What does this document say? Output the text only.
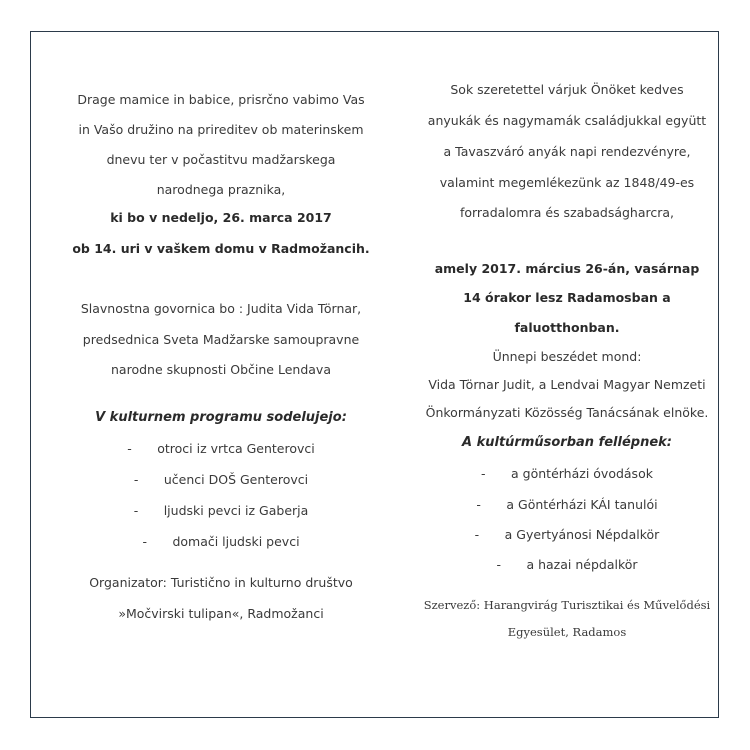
Drage mamice in babice, prisrčno vabimo Vas
in Vašo družino na prireditev ob materinskem
dnevu ter v počastitvu madžarskega
narodnega praznika,
ki bo v nedeljo, 26. marca 2017
ob 14. uri v vaškem domu v Radmožancih.
Slavnostna govornica bo : Judita Vida Törnar,
predsednica Sveta Madžarske samoupravne
narodne skupnosti Občine Lendava
V kulturnem programu sodelujejo:
- otroci iz vrtca Genterovci
- učenci DOŠ Genterovci
- ljudski pevci iz Gaberja
- domači ljudski pevci
Organizator: Turistično in kulturno društvo
»Močvirski tulipan«, Radmožanci
Sok szeretettel várjuk Önöket kedves
anyukák és nagymamák családjukkal együtt
a Tavaszváró anyák napi rendezvényre,
valamint megemlékezünk az 1848/49-es
forradalomra és szabadságharcra,
amely 2017. március 26-án, vasárnap
14 órakor lesz Radamosban a
faluotthonban.
Ünnepi beszédet mond:
Vida Törnar Judit, a Lendvai Magyar Nemzeti
Önkormányzati Közösség Tanácsának elnöke.
A kultúrműsorban fellépnek:
- a göntérházi óvodások
- a Göntérházi KÁI tanulói
- a Gyertyánosi Népdalkör
- a hazai népdalkör
Szervező: Harangvirág Turisztikai és Művelődési
Egyesület, Radamos
